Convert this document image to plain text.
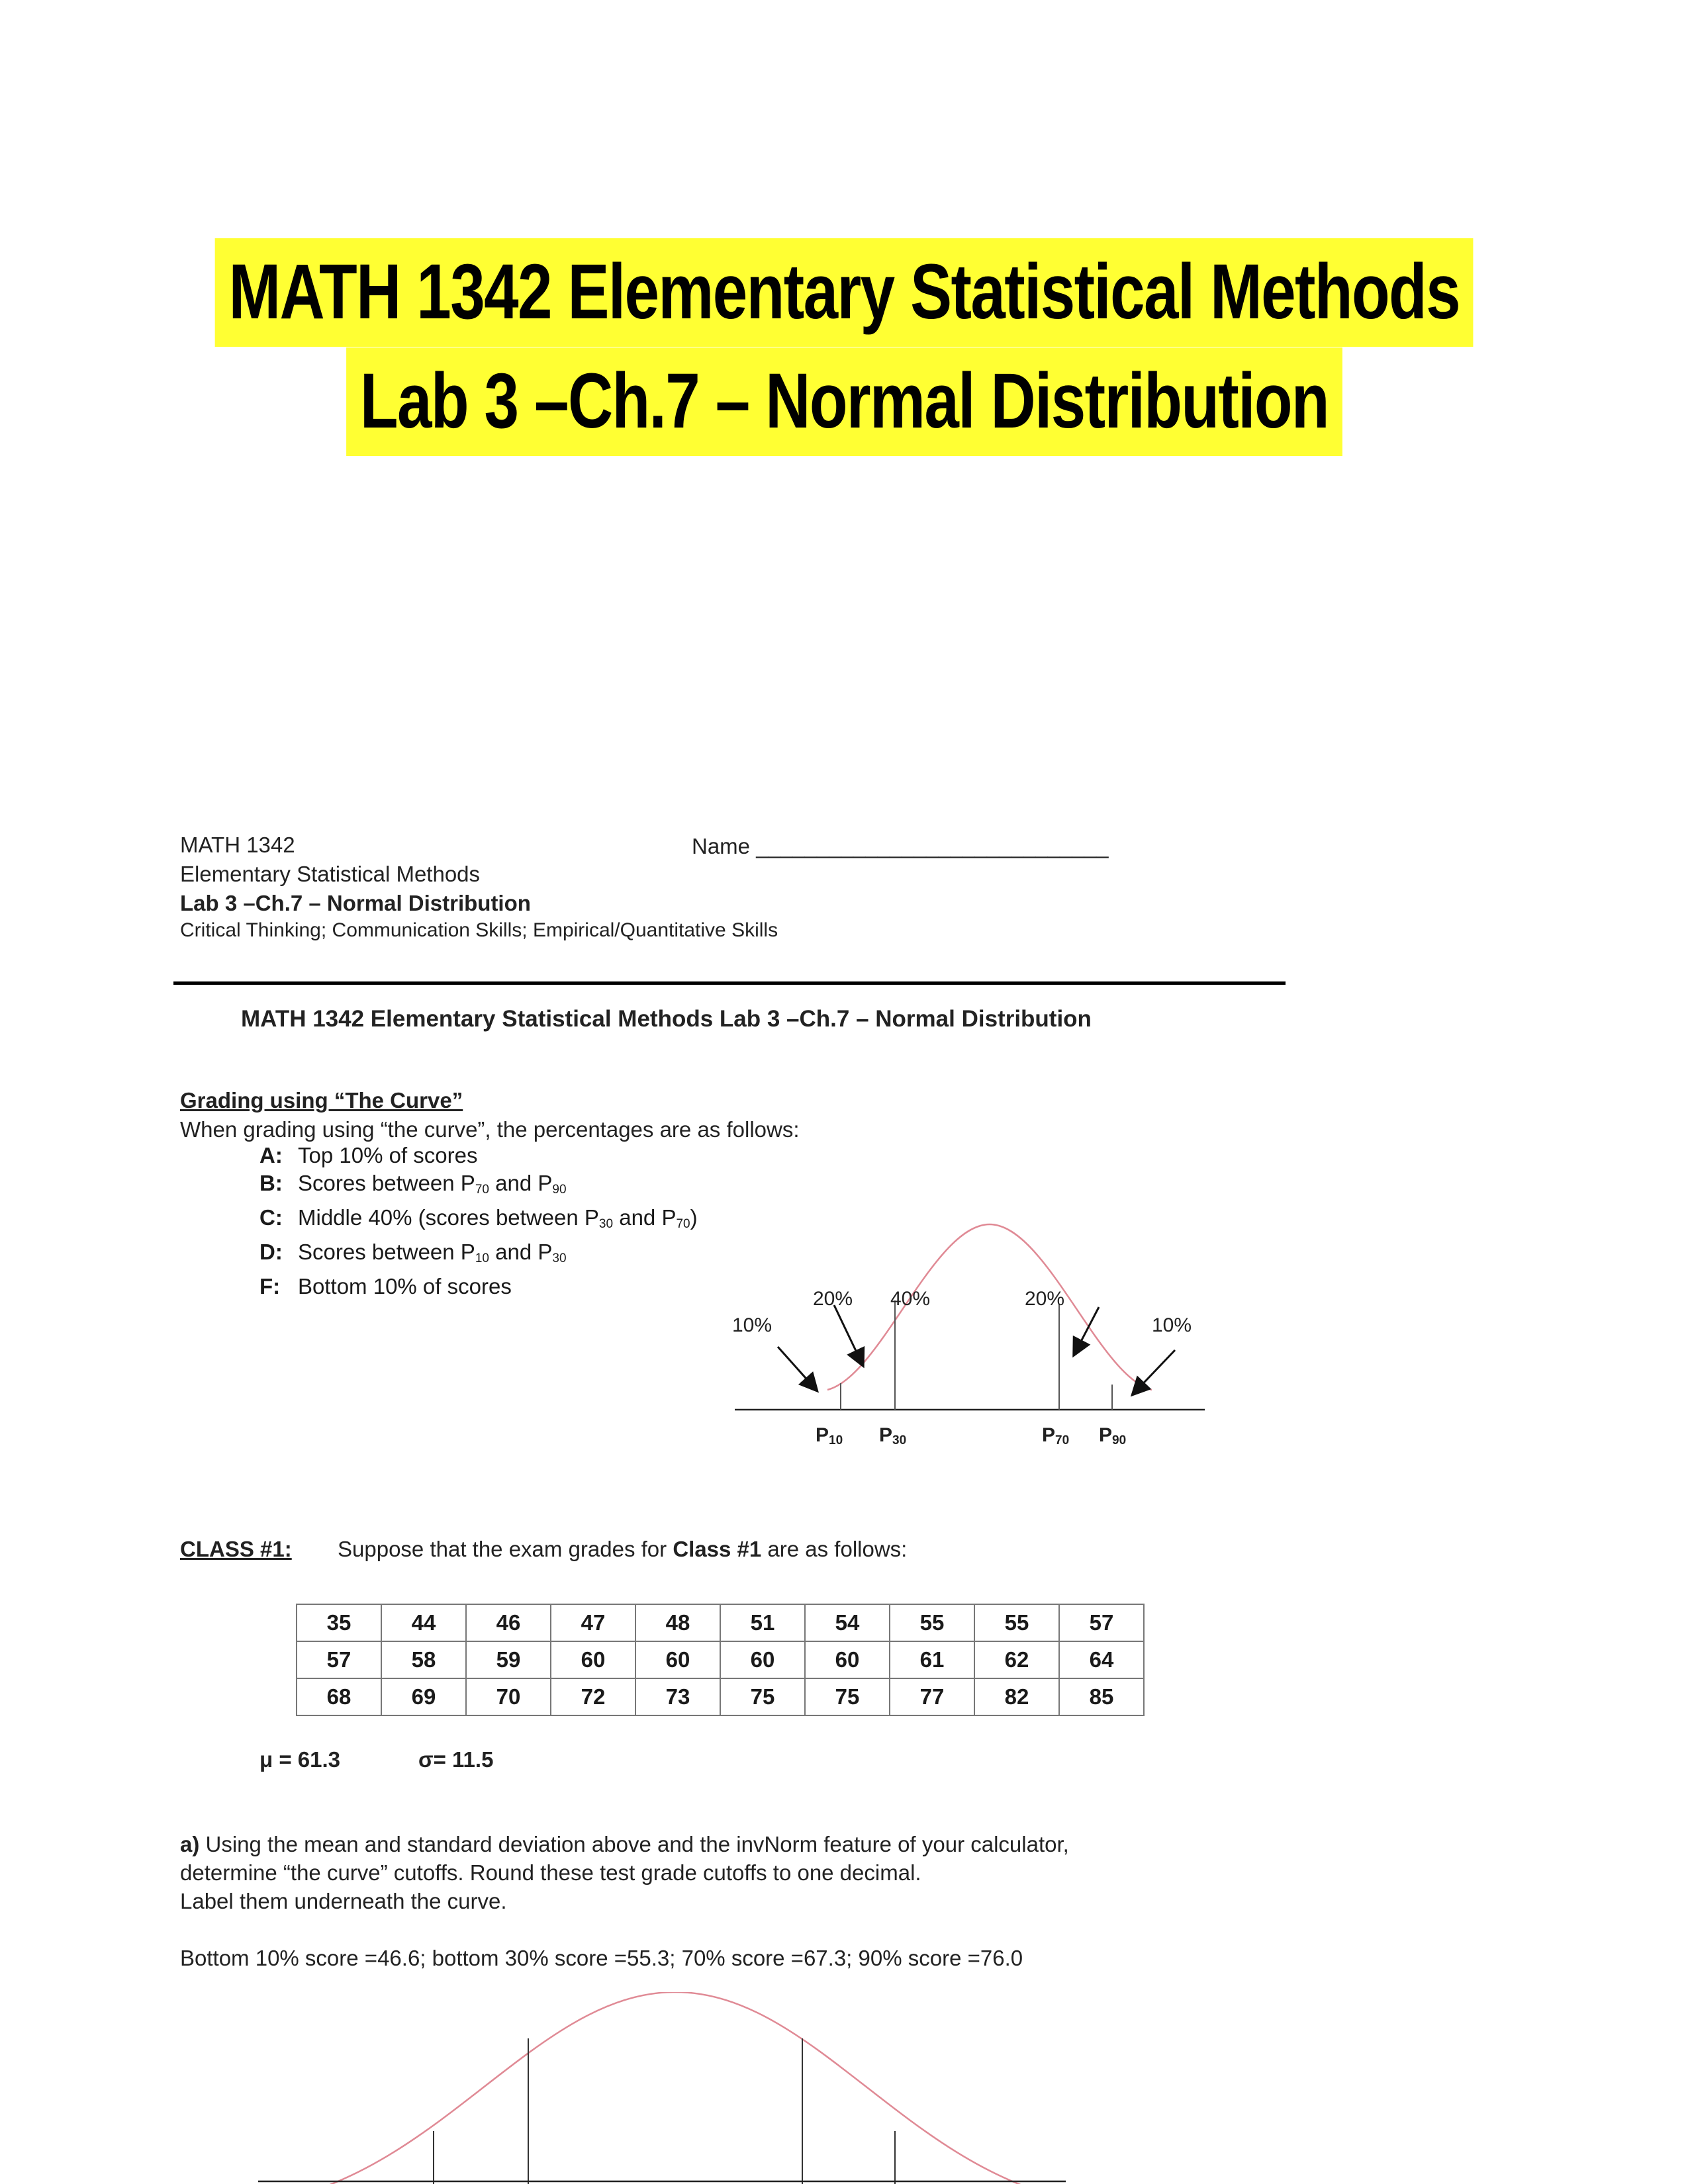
MATH 1342 Elementary Statistical Methods
Lab 3 –Ch.7 – Normal Distribution
MATH 1342
Elementary Statistical Methods
Lab 3 –Ch.7 – Normal Distribution
Critical Thinking; Communication Skills; Empirical/Quantitative Skills
Name _____________________________
MATH 1342 Elementary Statistical Methods Lab 3 –Ch.7 – Normal Distribution
Grading using “The Curve”
When grading using “the curve”, the percentages are as follows:
A: Top 10% of scores
B: Scores between $P_{70}$ and $P_{90}$
C: Middle 40% (scores between $P_{30}$ and $P_{70}$)
D: Scores between $P_{10}$ and $P_{30}$
F: Bottom 10% of scores
10%
20% 40%	20%
10%
P10 P30	P70 P90
CLASS #1: Suppose that the exam grades for Class #1 are as follows:
35	44	46	47	48	51	54	55	55	57
57	58	59	60	60	60	60	61	62	64
68	69	70	72	73	75	75	77	82	85
μ = 61.3	σ= 11.5
a) Using the mean and standard deviation above and the invNorm feature of your calculator,
determine “the curve” cutoffs. Round these test grade cutoffs to one decimal.
Label them underneath the curve.
Bottom 10% score =46.6; bottom 30% score =55.3; 70% score =67.3; 90% score =76.0
